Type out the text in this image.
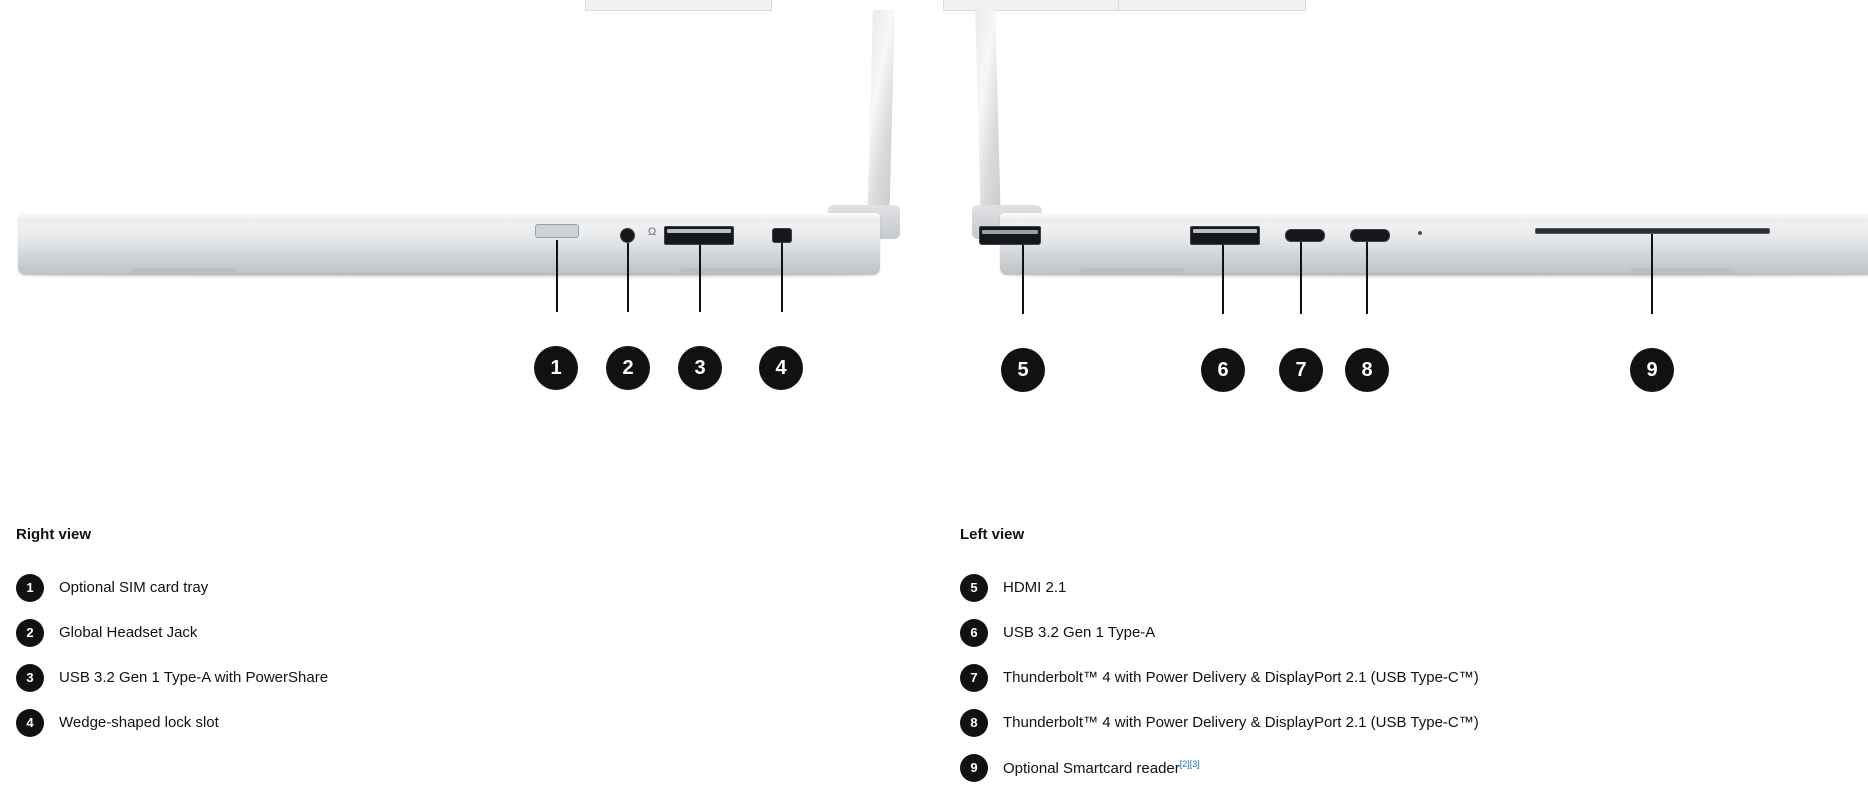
Ω
1	2	3	4	5	6	7	8	9
Right view
1	Optional SIM card tray
2	Global Headset Jack
3	USB 3.2 Gen 1 Type-A with PowerShare
4	Wedge-shaped lock slot
Left view
5	HDMI 2.1
6	USB 3.2 Gen 1 Type-A
7	Thunderbolt™ 4 with Power Delivery & DisplayPort 2.1 (USB Type-C™)
8	Thunderbolt™ 4 with Power Delivery & DisplayPort 2.1 (USB Type-C™)
9	Optional Smartcard reader[2][3]
